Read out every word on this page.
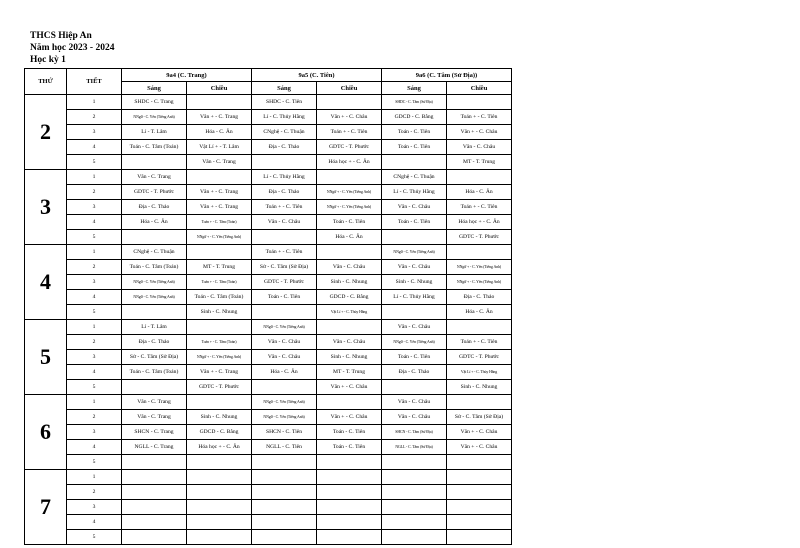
THCS Hiệp An
Năm học 2023 - 2024
Học kỳ 1
THỨ	TIẾT	9a4 (C. Trang)		9a5 (C. Tiên)		9a6 (C. Tâm (Sử Địa))	
		Sáng	Chiều	Sáng	Chiều	Sáng	Chiều
2	1	SHDC - C. Trang		SHDC - C. Tiên		SHDC - C. Tâm (Sử Địa)	
	2	NNgữ - C. Yến (Tiếng Anh)	Văn + - C. Trang	Lí - C. Thủy Hằng	Văn + - C. Châu	GDCD - C. Bằng	Toán + - C. Tiên
	3	Lí - T. Lâm	Hóa - C. Ân	CNghệ - C. Thuận	Toán + - C. Tiên	Toán - C. Tiên	Văn + - C. Châu
	4	Toán - C. Tâm (Toán)	Vật Lí + - T. Lâm	Địa - C. Thảo	GDTC - T. Phước	Toán - C. Tiên	Văn - C. Châu
	5		Văn - C. Trang		Hóa học + - C. Ân		MT - T. Trung
3	1	Văn - C. Trang		Lí - C. Thủy Hằng		CNghệ - C. Thuận	
	2	GDTC - T. Phước	Văn + - C. Trang	Địa - C. Thảo	NNgữ + - C. Yến (Tiếng Anh)	Lí - C. Thủy Hằng	Hóa - C. Ân
	3	Địa - C. Thảo	Văn + - C. Trang	Toán + - C. Tiên	NNgữ + - C. Yến (Tiếng Anh)	Văn - C. Châu	Toán + - C. Tiên
	4	Hóa - C. Ân	Toán + - C. Tâm (Toán)	Văn - C. Châu	Toán - C. Tiên	Toán - C. Tiên	Hóa học + - C. Ân
	5		NNgữ + - C. Yến (Tiếng Anh)		Hóa - C. Ân		GDTC - T. Phước
4	1	CNghệ - C. Thuận		Toán + - C. Tiên		NNgữ - C. Yến (Tiếng Anh)	
	2	Toán - C. Tâm (Toán)	MT - T. Trung	Sử - C. Tâm (Sử Địa)	Văn - C. Châu	Văn - C. Châu	NNgữ + - C. Yến (Tiếng Anh)
	3	NNgữ - C. Yến (Tiếng Anh)	Toán + - C. Tâm (Toán)	GDTC - T. Phước	Sinh - C. Nhung	Sinh - C. Nhung	NNgữ + - C. Yến (Tiếng Anh)
	4	NNgữ - C. Yến (Tiếng Anh)	Toán - C. Tâm (Toán)	Toán - C. Tiên	GDCD - C. Bằng	Lí - C. Thủy Hằng	Địa - C. Thảo
	5		Sinh - C. Nhung		Vật Lí + - C. Thủy Hằng		Hóa - C. Ân
5	1	Lí - T. Lâm		NNgữ - C. Yến (Tiếng Anh)		Văn - C. Châu	
	2	Địa - C. Thảo	Toán + - C. Tâm (Toán)	Văn - C. Châu	Văn - C. Châu	NNgữ - C. Yến (Tiếng Anh)	Toán + - C. Tiên
	3	Sử - C. Tâm (Sử Địa)	NNgữ + - C. Yến (Tiếng Anh)	Văn - C. Châu	Sinh - C. Nhung	Toán - C. Tiên	GDTC - T. Phước
	4	Toán - C. Tâm (Toán)	Văn + - C. Trang	Hóa - C. Ân	MT - T. Trung	Địa - C. Thảo	Vật Lí + - C. Thủy Hằng
	5		GDTC - T. Phước		Văn + - C. Châu		Sinh - C. Nhung
6	1	Văn - C. Trang		NNgữ - C. Yến (Tiếng Anh)		Văn - C. Châu	
	2	Văn - C. Trang	Sinh - C. Nhung	NNgữ - C. Yến (Tiếng Anh)	Văn + - C. Châu	Văn - C. Châu	Sử - C. Tâm (Sử Địa)
	3	SHCN - C. Trang	GDCD - C. Bằng	SHCN - C. Tiên	Toán - C. Tiên	SHCN - C. Tâm (Sử Địa)	Văn + - C. Châu
	4	NGLL - C. Trang	Hóa học + - C. Ân	NGLL - C. Tiên	Toán - C. Tiên	NGLL - C. Tâm (Sử Địa)	Văn + - C. Châu
	5						
7	1						
	2						
	3						
	4						
	5						
